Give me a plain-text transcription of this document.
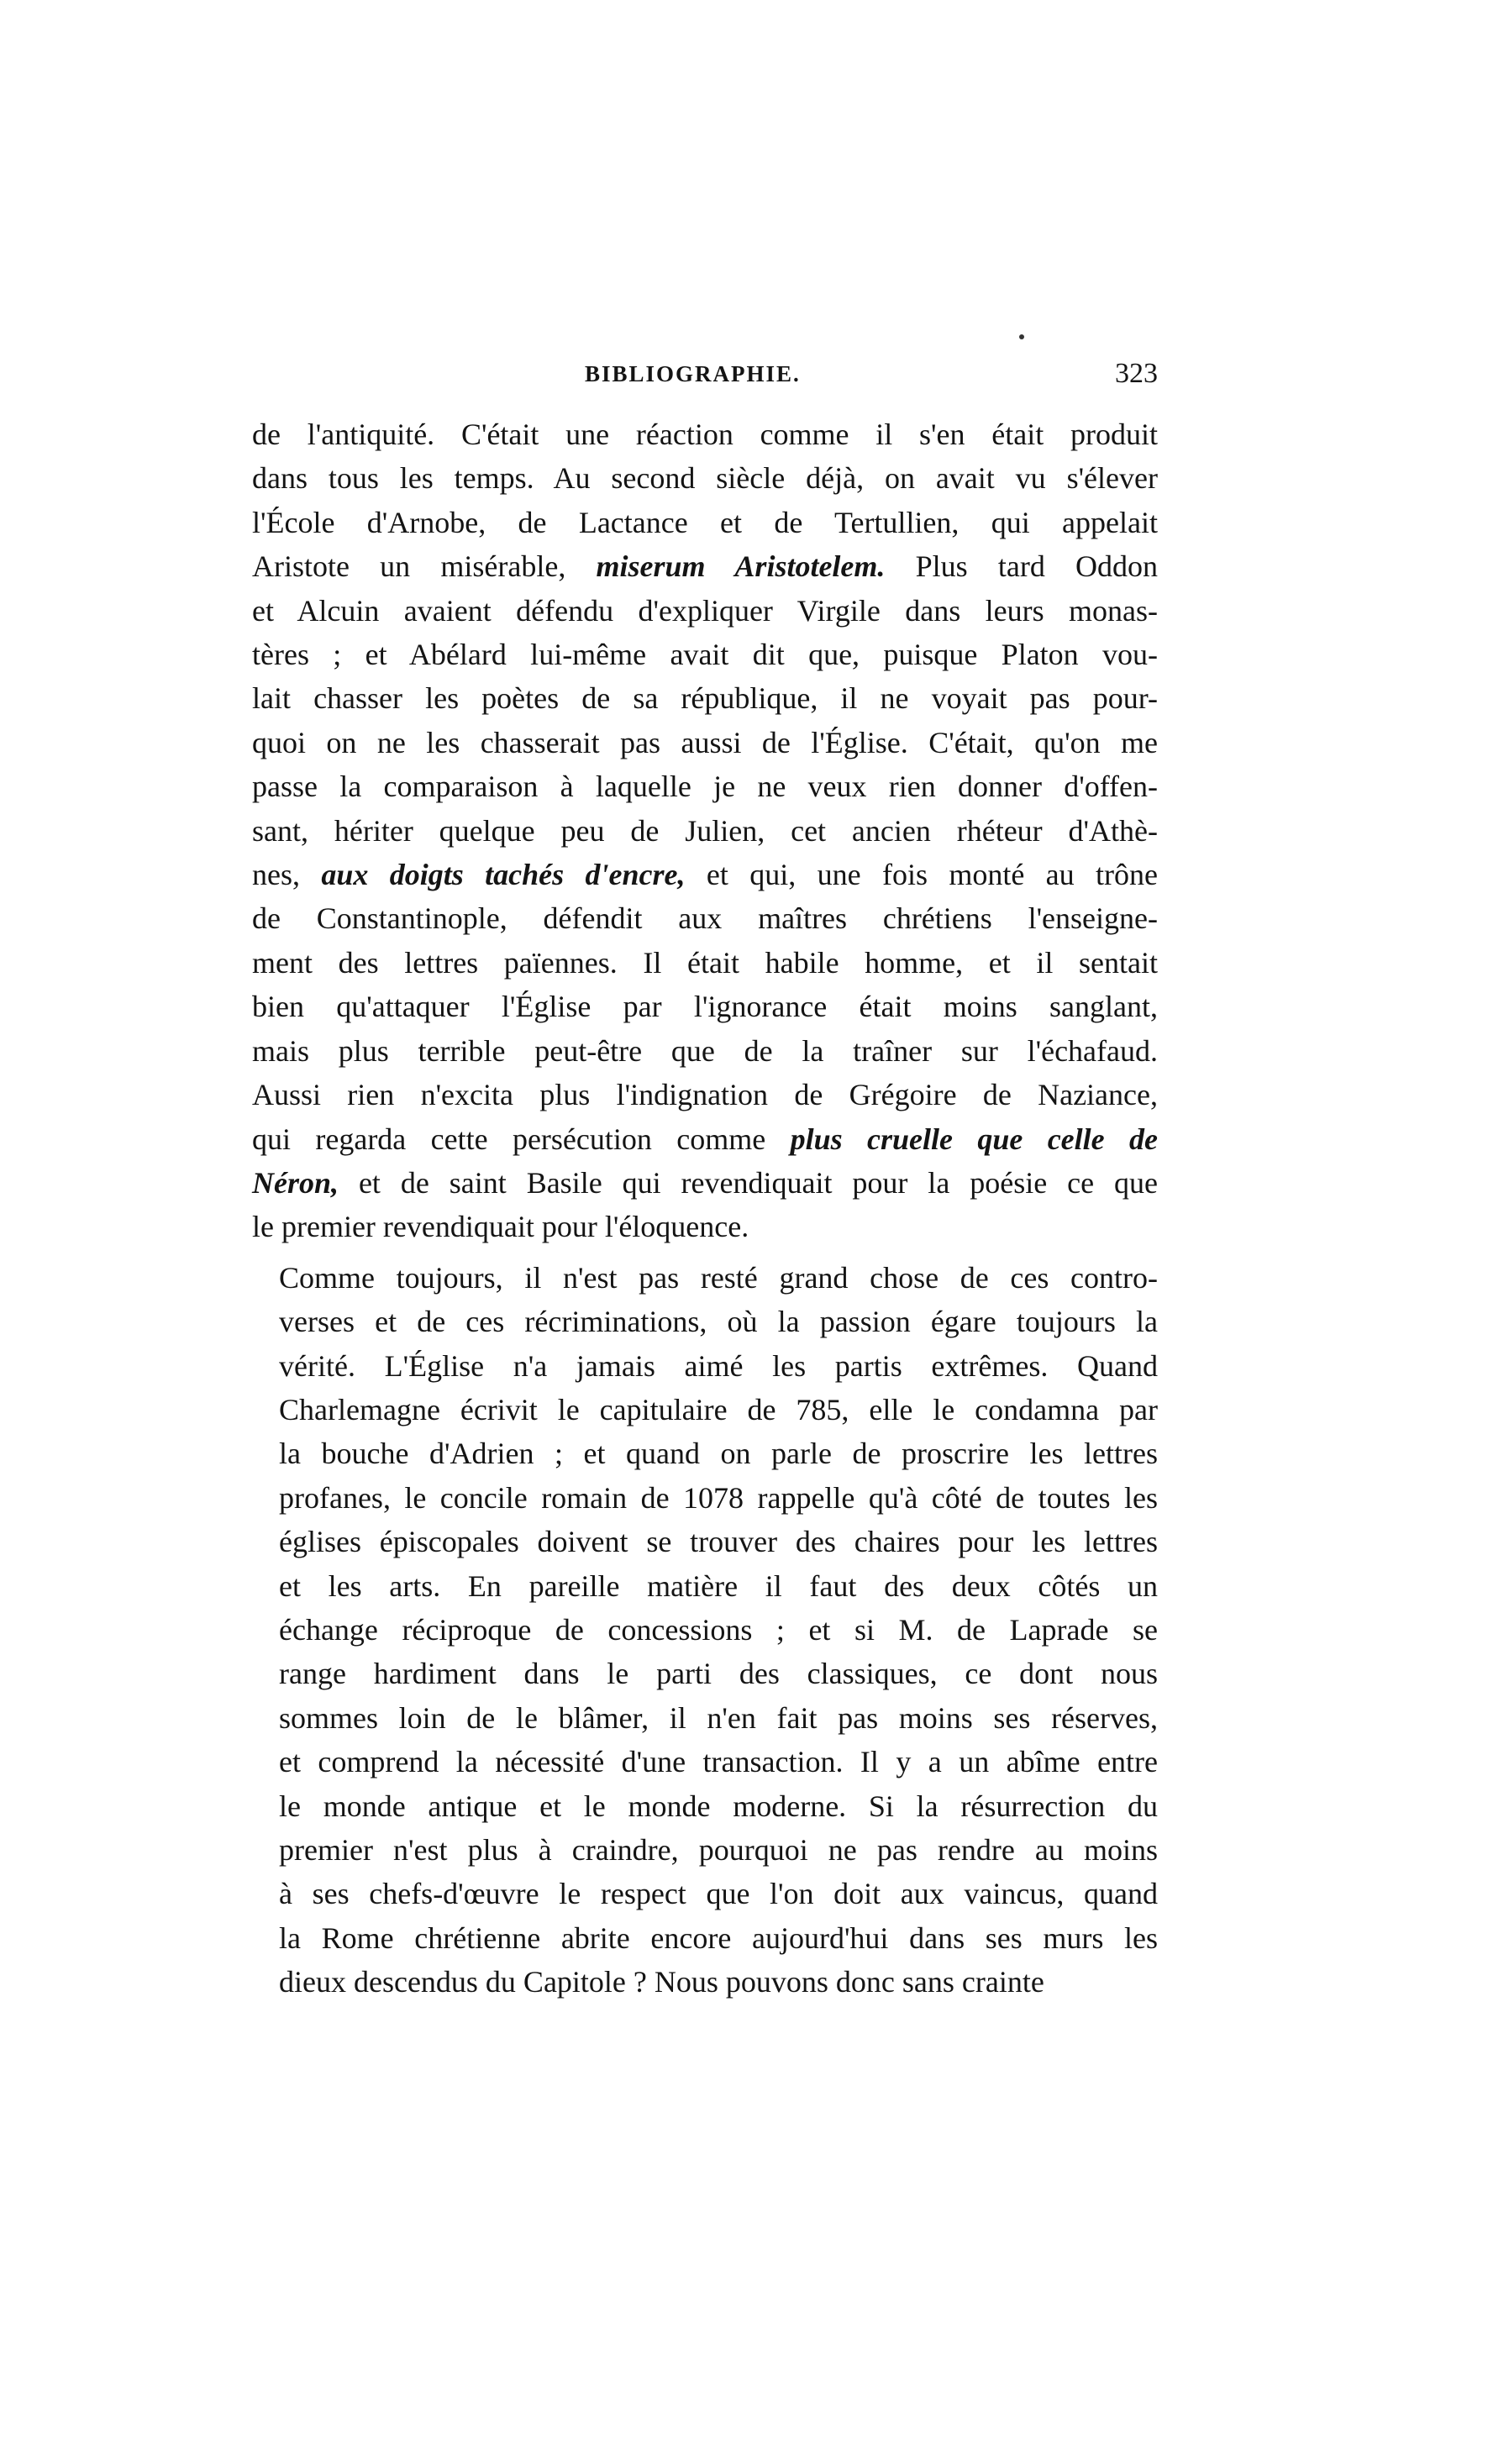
BIBLIOGRAPHIE.	323
de l'antiquité. C'était une réaction comme il s'en était produit
dans tous les temps. Au second siècle déjà, on avait vu s'élever
l'École d'Arnobe, de Lactance et de Tertullien, qui appelait
Aristote un misérable, miserum Aristotelem. Plus tard Oddon
et Alcuin avaient défendu d'expliquer Virgile dans leurs monas-
tères ; et Abélard lui-même avait dit que, puisque Platon vou-
lait chasser les poètes de sa république, il ne voyait pas pour-
quoi on ne les chasserait pas aussi de l'Église. C'était, qu'on me
passe la comparaison à laquelle je ne veux rien donner d'offen-
sant, hériter quelque peu de Julien, cet ancien rhéteur d'Athè-
nes, aux doigts tachés d'encre, et qui, une fois monté au trône
de Constantinople, défendit aux maîtres chrétiens l'enseigne-
ment des lettres païennes. Il était habile homme, et il sentait
bien qu'attaquer l'Église par l'ignorance était moins sanglant,
mais plus terrible peut-être que de la traîner sur l'échafaud.
Aussi rien n'excita plus l'indignation de Grégoire de Naziance,
qui regarda cette persécution comme plus cruelle que celle de
Néron, et de saint Basile qui revendiquait pour la poésie ce que
le premier revendiquait pour l'éloquence.
Comme toujours, il n'est pas resté grand chose de ces contro-
verses et de ces récriminations, où la passion égare toujours la
vérité. L'Église n'a jamais aimé les partis extrêmes. Quand
Charlemagne écrivit le capitulaire de 785, elle le condamna par
la bouche d'Adrien ; et quand on parle de proscrire les lettres
profanes, le concile romain de 1078 rappelle qu'à côté de toutes les
églises épiscopales doivent se trouver des chaires pour les lettres
et les arts. En pareille matière il faut des deux côtés un
échange réciproque de concessions ; et si M. de Laprade se
range hardiment dans le parti des classiques, ce dont nous
sommes loin de le blâmer, il n'en fait pas moins ses réserves,
et comprend la nécessité d'une transaction. Il y a un abîme entre
le monde antique et le monde moderne. Si la résurrection du
premier n'est plus à craindre, pourquoi ne pas rendre au moins
à ses chefs-d'œuvre le respect que l'on doit aux vaincus, quand
la Rome chrétienne abrite encore aujourd'hui dans ses murs les
dieux descendus du Capitole ? Nous pouvons donc sans crainte
